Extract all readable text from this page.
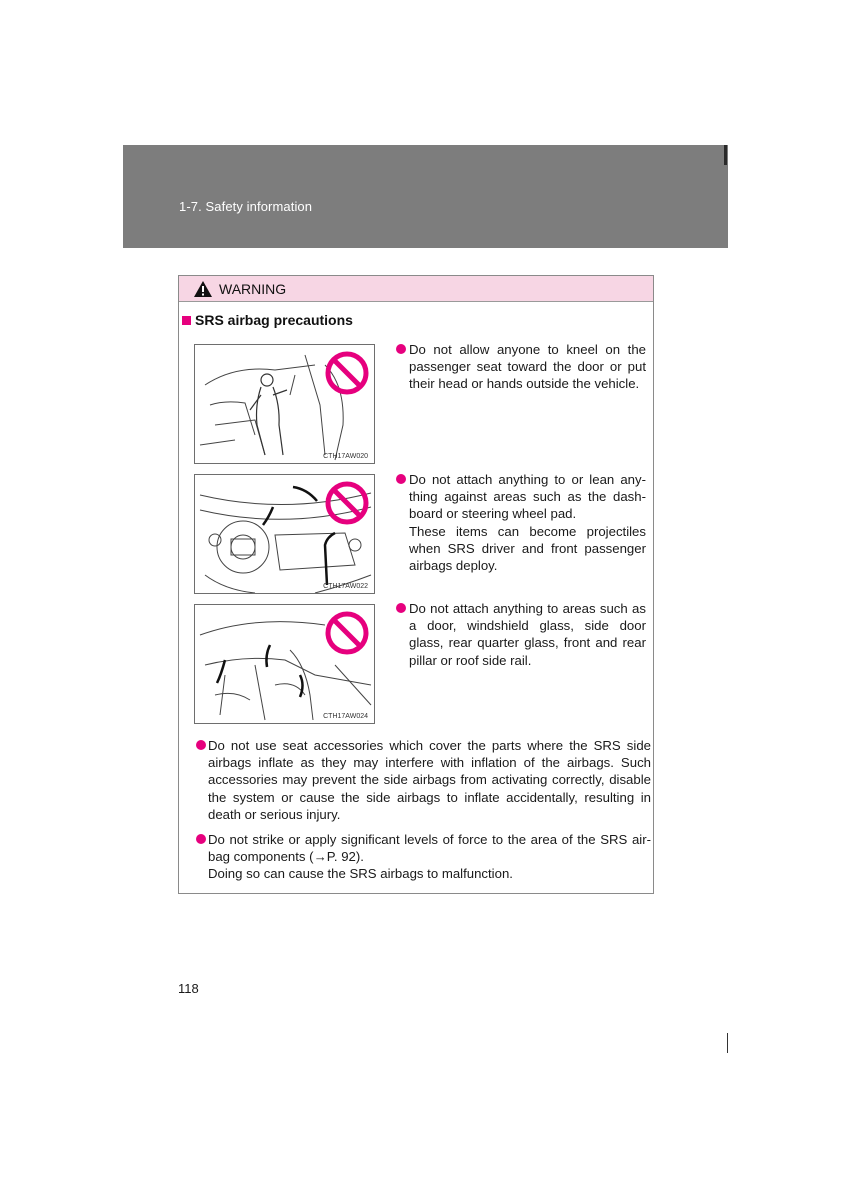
1-7. Safety information
WARNING
SRS airbag precautions
CTH17AW020
Do not allow anyone to kneel on the passenger seat toward the door or put their head or hands outside the vehicle.
CTH17AW022
Do not attach anything to or lean any-thing against areas such as the dash-board or steering wheel pad.
These items can become projectiles when SRS driver and front passenger airbags deploy.
CTH17AW024
Do not attach anything to areas such as a door, windshield glass, side door glass, rear quarter glass, front and rear pillar or roof side rail.
Do not use seat accessories which cover the parts where the SRS side airbags inflate as they may interfere with inflation of the airbags. Such accessories may prevent the side airbags from activating correctly, disable the system or cause the side airbags to inflate accidentally, resulting in death or serious injury.
Do not strike or apply significant levels of force to the area of the SRS air-bag components (→P. 92).
Doing so can cause the SRS airbags to malfunction.
118
